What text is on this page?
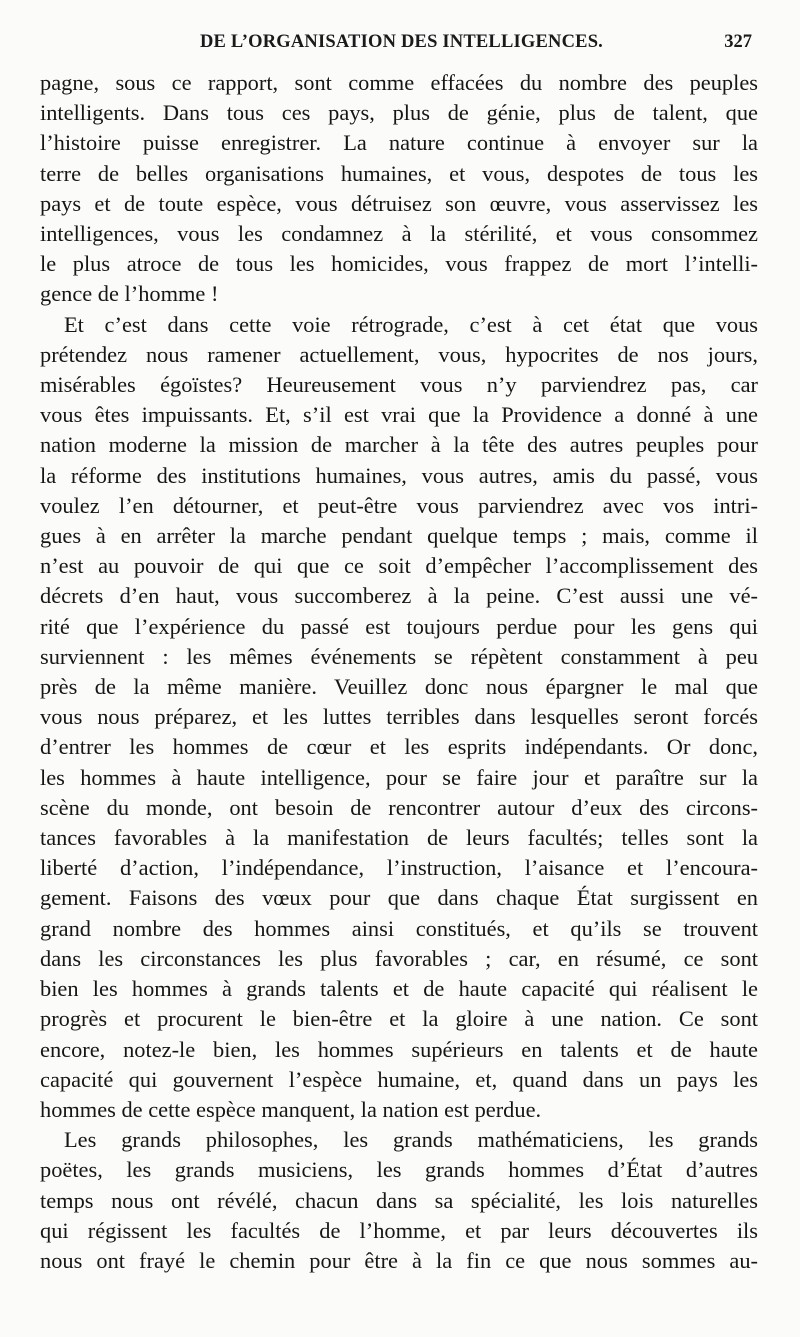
DE L’ORGANISATION DES INTELLIGENCES.	327
pagne, sous ce rapport, sont comme effacées du nombre des peuples
intelligents. Dans tous ces pays, plus de génie, plus de talent, que
l’histoire puisse enregistrer. La nature continue à envoyer sur la
terre de belles organisations humaines, et vous, despotes de tous les
pays et de toute espèce, vous détruisez son œuvre, vous asservissez les
intelligences, vous les condamnez à la stérilité, et vous consommez
le plus atroce de tous les homicides, vous frappez de mort l’intelli-
gence de l’homme !
Et c’est dans cette voie rétrograde, c’est à cet état que vous
prétendez nous ramener actuellement, vous, hypocrites de nos jours,
misérables égoïstes? Heureusement vous n’y parviendrez pas, car
vous êtes impuissants. Et, s’il est vrai que la Providence a donné à une
nation moderne la mission de marcher à la tête des autres peuples pour
la réforme des institutions humaines, vous autres, amis du passé, vous
voulez l’en détourner, et peut-être vous parviendrez avec vos intri-
gues à en arrêter la marche pendant quelque temps ; mais, comme il
n’est au pouvoir de qui que ce soit d’empêcher l’accomplissement des
décrets d’en haut, vous succomberez à la peine. C’est aussi une vé-
rité que l’expérience du passé est toujours perdue pour les gens qui
surviennent : les mêmes événements se répètent constamment à peu
près de la même manière. Veuillez donc nous épargner le mal que
vous nous préparez, et les luttes terribles dans lesquelles seront forcés
d’entrer les hommes de cœur et les esprits indépendants. Or donc,
les hommes à haute intelligence, pour se faire jour et paraître sur la
scène du monde, ont besoin de rencontrer autour d’eux des circons-
tances favorables à la manifestation de leurs facultés; telles sont la
liberté d’action, l’indépendance, l’instruction, l’aisance et l’encoura-
gement. Faisons des vœux pour que dans chaque État surgissent en
grand nombre des hommes ainsi constitués, et qu’ils se trouvent
dans les circonstances les plus favorables ; car, en résumé, ce sont
bien les hommes à grands talents et de haute capacité qui réalisent le
progrès et procurent le bien-être et la gloire à une nation. Ce sont
encore, notez-le bien, les hommes supérieurs en talents et de haute
capacité qui gouvernent l’espèce humaine, et, quand dans un pays les
hommes de cette espèce manquent, la nation est perdue.
Les grands philosophes, les grands mathématiciens, les grands
poëtes, les grands musiciens, les grands hommes d’État d’autres
temps nous ont révélé, chacun dans sa spécialité, les lois naturelles
qui régissent les facultés de l’homme, et par leurs découvertes ils
nous ont frayé le chemin pour être à la fin ce que nous sommes au-
